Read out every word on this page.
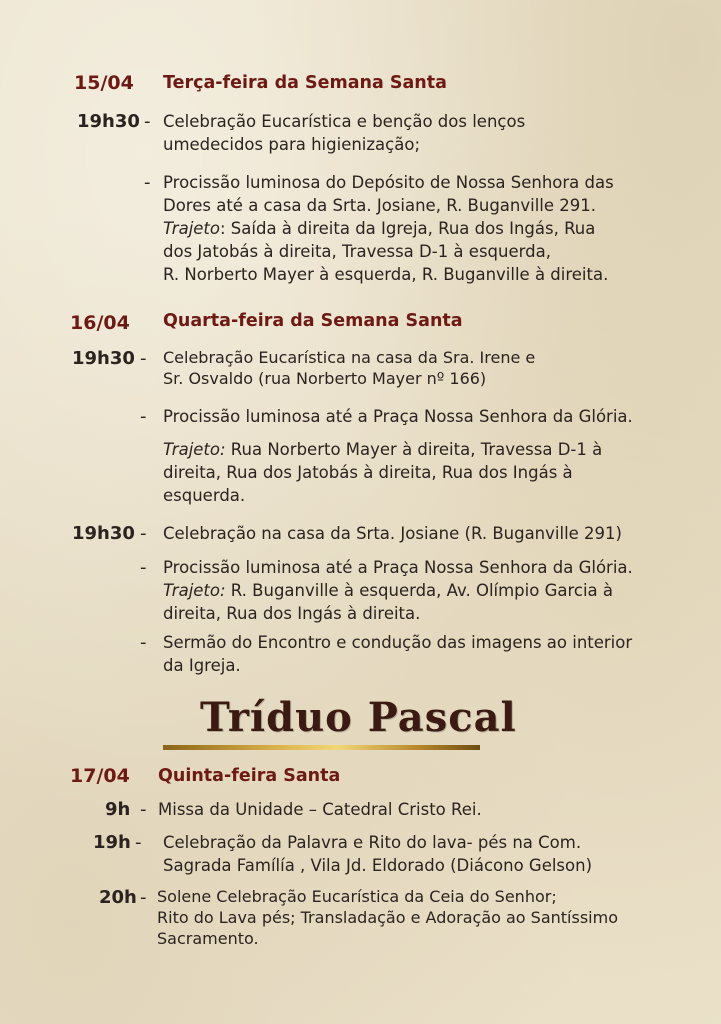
15/04 Terça-feira da Semana Santa
19h30 - Celebração Eucarística e benção dos lenços
umedecidos para higienização;
- Procissão luminosa do Depósito de Nossa Senhora das
Dores até a casa da Srta. Josiane, R. Buganville 291.
Trajeto: Saída à direita da Igreja, Rua dos Ingás, Rua
dos Jatobás à direita, Travessa D-1 à esquerda,
R. Norberto Mayer à esquerda, R. Buganville à direita.
16/04 Quarta-feira da Semana Santa
19h30 - Celebração Eucarística na casa da Sra. Irene e
Sr. Osvaldo (rua Norberto Mayer nº 166)
- Procissão luminosa até a Praça Nossa Senhora da Glória.
Trajeto: Rua Norberto Mayer à direita, Travessa D-1 à
direita, Rua dos Jatobás à direita, Rua dos Ingás à
esquerda.
19h30 - Celebração na casa da Srta. Josiane (R. Buganville 291)
- Procissão luminosa até a Praça Nossa Senhora da Glória.
Trajeto: R. Buganville à esquerda, Av. Olímpio Garcia à
direita, Rua dos Ingás à direita.
- Sermão do Encontro e condução das imagens ao interior
da Igreja.
Tríduo Pascal
17/04 Quinta-feira Santa
9h - Missa da Unidade – Catedral Cristo Rei.
19h - Celebração da Palavra e Rito do lava- pés na Com.
Sagrada Famílía , Vila Jd. Eldorado (Diácono Gelson)
20h - Solene Celebração Eucarística da Ceia do Senhor;
Rito do Lava pés; Transladação e Adoração ao Santíssimo
Sacramento.
